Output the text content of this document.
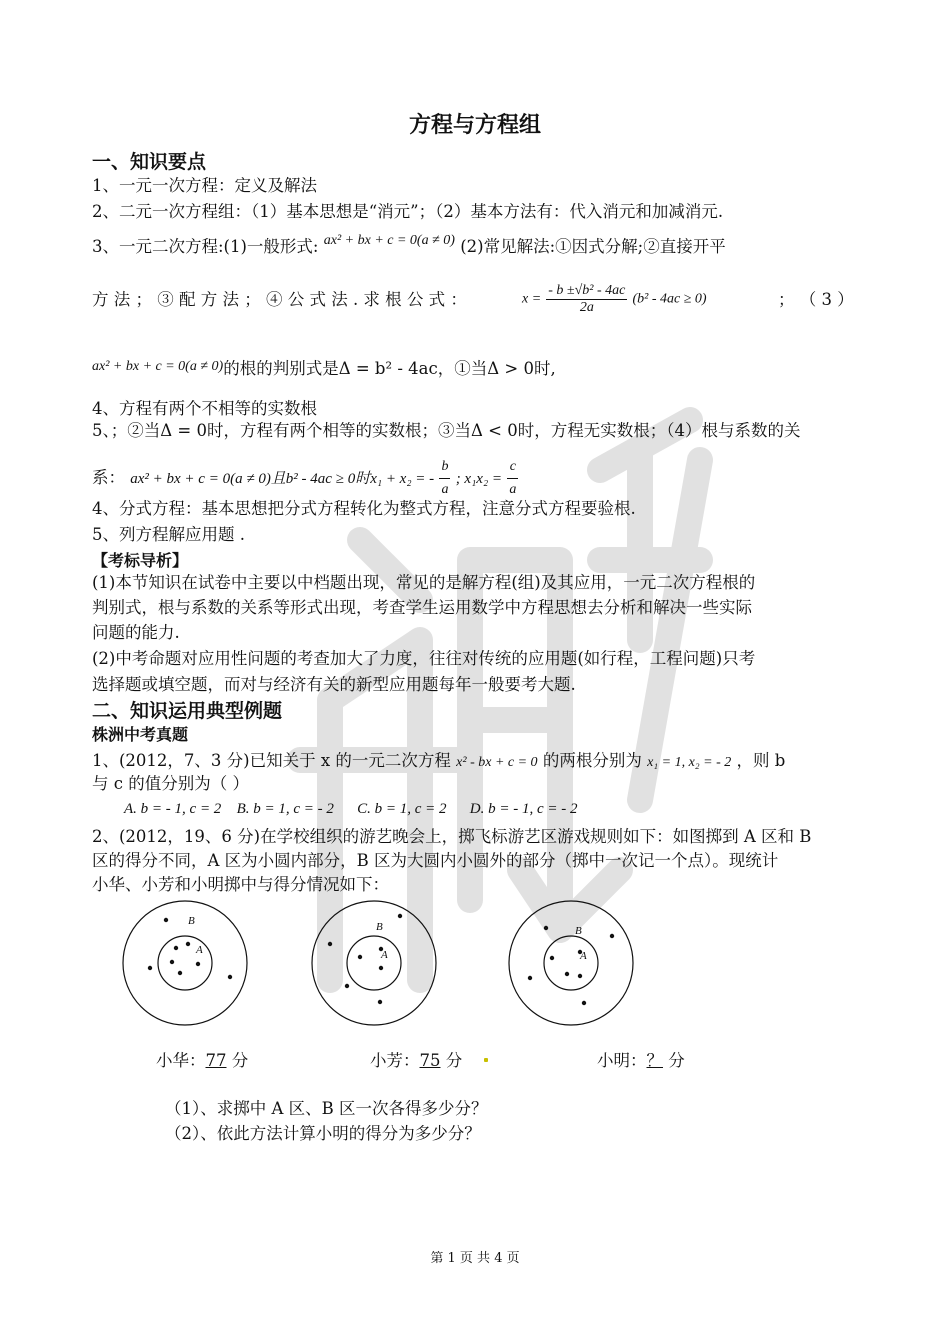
方程与方程组
一、知识要点
1、一元一次方程：定义及解法
2、二元一次方程组：（1）基本思想是“消元”；（2）基本方法有：代入消元和加减消元.
3、一元二次方程:(1)一般形式: $^{ax^2 + bx + c = 0(a \ne 0)}$ (2)常见解法:①因式分解;②直接开平
方 法 ； ③ 配 方 法 ； ④ 公 式 法 . 求 根 公 式 ：	$x = \frac{\text{- b ±√b² - 4ac}}{2a} (b^2 - 4ac \ge 0)$	； （ 3 ）
$^{ax^2 + bx + c = 0(a \ne 0)}$的根的判别式是Δ = b² - 4ac，①当Δ > 0时,
4、方程有两个不相等的实数根
5、；②当Δ = 0时，方程有两个相等的实数根；③当Δ < 0时，方程无实数根；（4）根与系数的关
系： ax² + bx + c = 0(a ≠ 0)且b² - 4ac ≥ 0时x₁ + x₂ = - $\frac{b}{a}$ ; $x_1x_2 = \frac{c}{a}$
4、分式方程：基本思想把分式方程转化为整式方程，注意分式方程要验根.
5、列方程解应用题 .
【考标导析】
(1)本节知识在试卷中主要以中档题出现，常见的是解方程(组)及其应用，一元二次方程根的
判别式，根与系数的关系等形式出现，考查学生运用数学中方程思想去分析和解决一些实际
问题的能力.
(2)中考命题对应用性问题的考查加大了力度，往往对传统的应用题(如行程，工程问题)只考
选择题或填空题，而对与经济有关的新型应用题每年一般要考大题.
二、知识运用典型例题
株洲中考真题
1、(2012，7、3 分)已知关于 x 的一元二次方程 x² - bx + c = 0 的两根分别为 x₁ = 1, x₂ = - 2 ，则 b
与 c 的值分别为（ ）
A. b = - 1, c = 2 B. b = 1, c = - 2 C. b = 1, c = 2 D. b = - 1, c = - 2
2、(2012，19、6 分)在学校组织的游艺晚会上，掷飞标游艺区游戏规则如下：如图掷到 A 区和 B
区的得分不同，A 区为小圆内部分，B 区为大圆内小圆外的部分（掷中一次记一个点）。现统计
小华、小芳和小明掷中与得分情况如下：
B
A
B
A
B
A
小华：77 分	小芳：75 分	小明：？ 分
（1）、求掷中 A 区、B 区一次各得多少分？
（2）、依此方法计算小明的得分为多少分？
第 1 页 共 4 页
